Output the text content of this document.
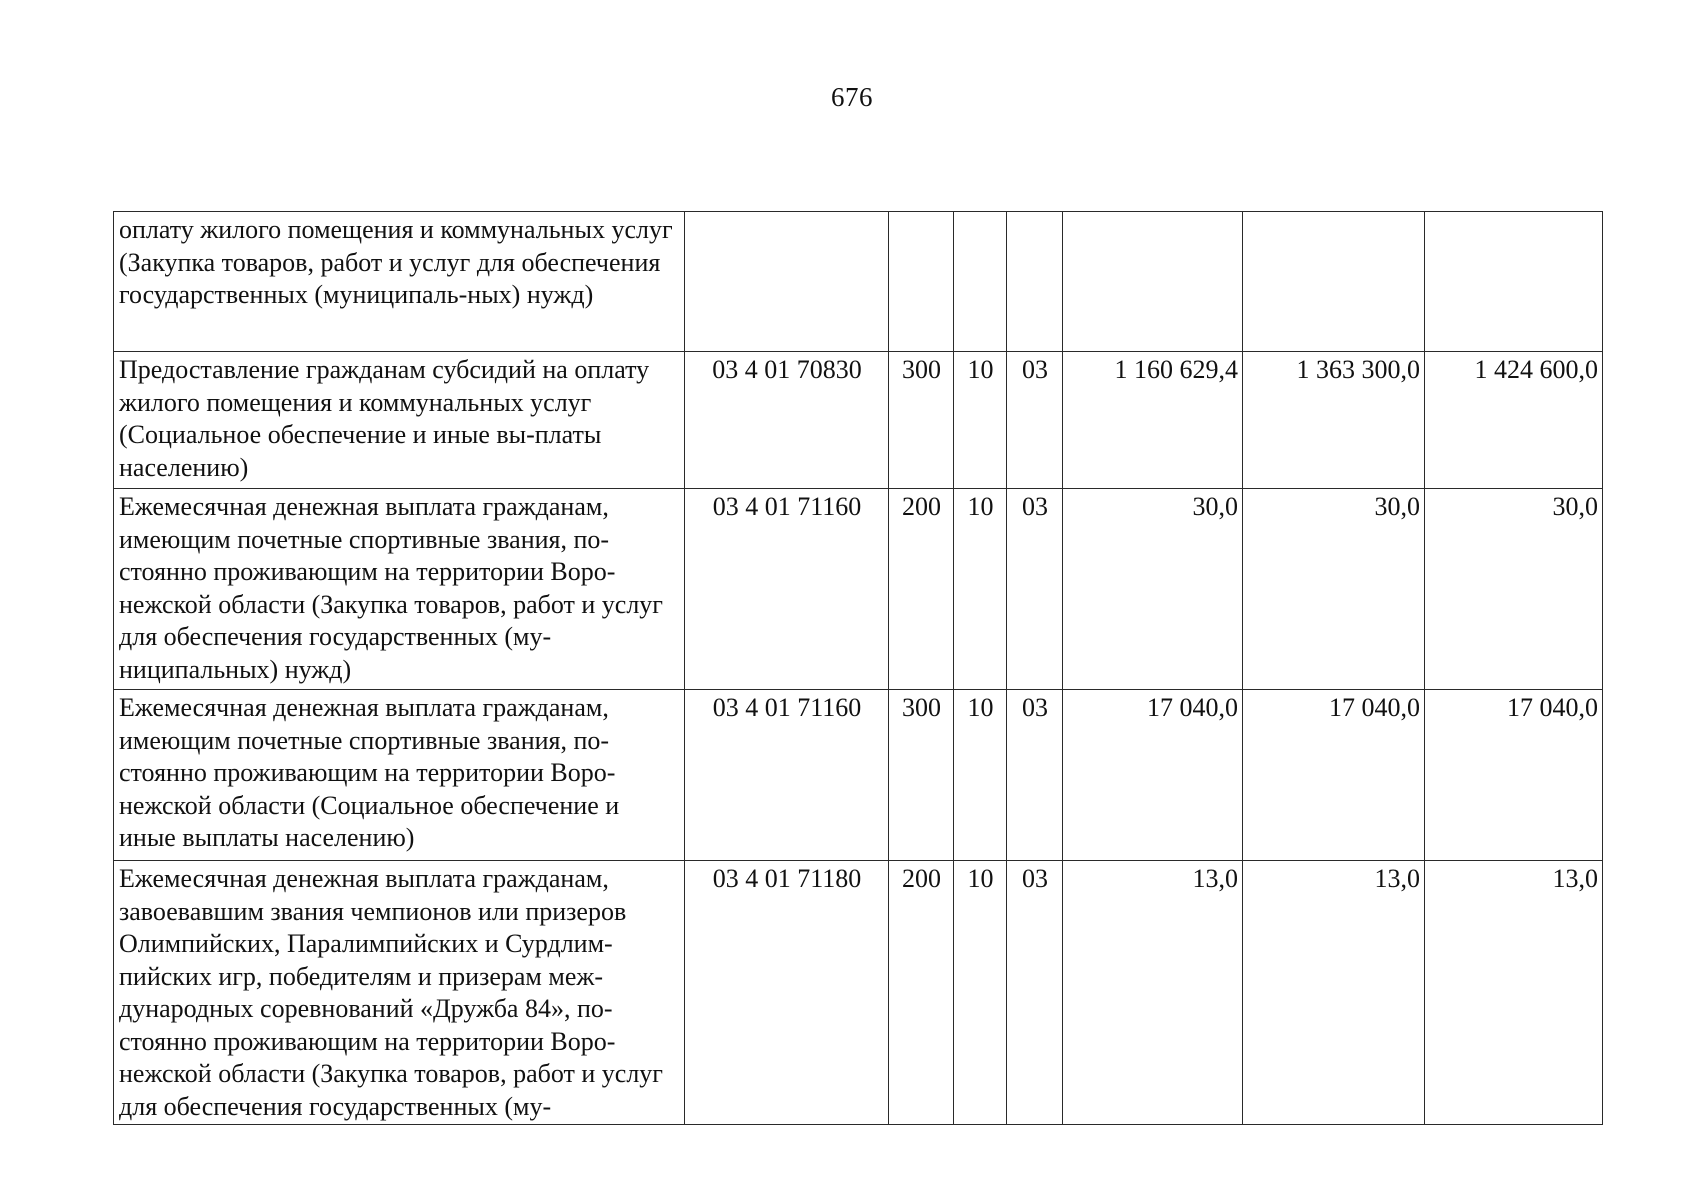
676
оплату жилого помещения и коммунальных услуг (Закупка товаров, работ и услуг для обеспечения государственных (муниципаль-ных) нужд)							
Предоставление гражданам субсидий на оплату жилого помещения и коммунальных услуг (Социальное обеспечение и иные вы-платы населению)	03 4 01 70830	300	10	03	1 160 629,4	1 363 300,0	1 424 600,0
Ежемесячная денежная выплата гражданам, имеющим почетные спортивные звания, по-стоянно проживающим на территории Воро-нежской области (Закупка товаров, работ и услуг для обеспечения государственных (му-ниципальных) нужд)	03 4 01 71160	200	10	03	30,0	30,0	30,0
Ежемесячная денежная выплата гражданам, имеющим почетные спортивные звания, по-стоянно проживающим на территории Воро-нежской области (Социальное обеспечение и иные выплаты населению)	03 4 01 71160	300	10	03	17 040,0	17 040,0	17 040,0
Ежемесячная денежная выплата гражданам, завоевавшим звания чемпионов или призеров Олимпийских, Паралимпийских и Сурдлим-пийских игр, победителям и призерам меж-дународных соревнований «Дружба 84», по-стоянно проживающим на территории Воро-нежской области (Закупка товаров, работ и услуг для обеспечения государственных (му-	03 4 01 71180	200	10	03	13,0	13,0	13,0
